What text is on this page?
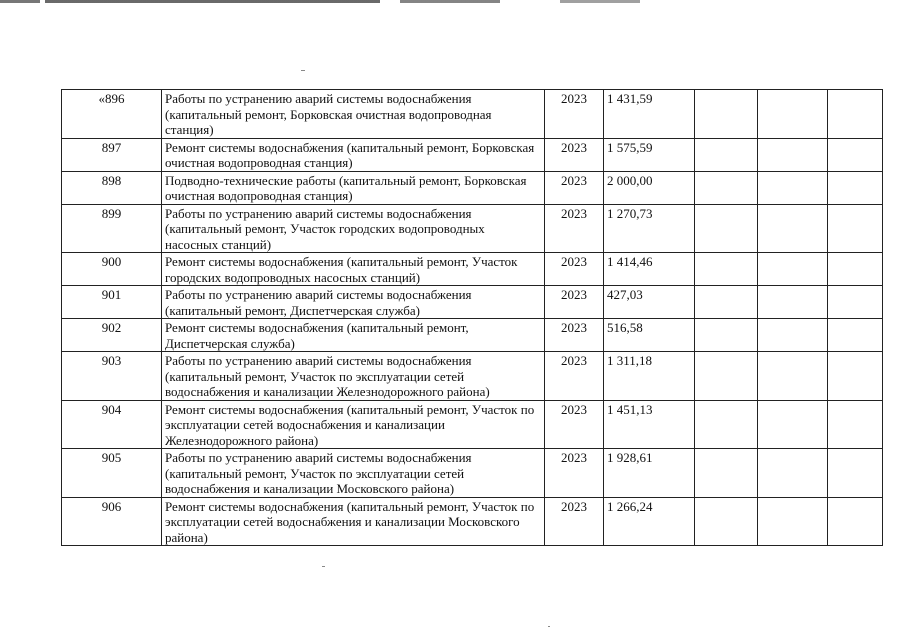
«896	Работы по устранению аварий системы водоснабжения (капитальный ремонт, Борковская очистная водопроводная станция)	2023	1 431,59			
897	Ремонт системы водоснабжения (капитальный ремонт, Борковская очистная водопроводная станция)	2023	1 575,59			
898	Подводно-технические работы (капитальный ремонт, Борковская очистная водопроводная станция)	2023	2 000,00			
899	Работы по устранению аварий системы водоснабжения (капитальный ремонт, Участок городских водопроводных насосных станций)	2023	1 270,73			
900	Ремонт системы водоснабжения (капитальный ремонт, Участок городских водопроводных насосных станций)	2023	1 414,46			
901	Работы по устранению аварий системы водоснабжения (капитальный ремонт, Диспетчерская служба)	2023	427,03			
902	Ремонт системы водоснабжения (капитальный ремонт, Диспетчерская служба)	2023	516,58			
903	Работы по устранению аварий системы водоснабжения (капитальный ремонт, Участок по эксплуатации сетей водоснабжения и канализации Железнодорожного района)	2023	1 311,18			
904	Ремонт системы водоснабжения (капитальный ремонт, Участок по эксплуатации сетей водоснабжения и канализации Железнодорожного района)	2023	1 451,13			
905	Работы по устранению аварий системы водоснабжения (капитальный ремонт, Участок по эксплуатации сетей водоснабжения и канализации Московского района)	2023	1 928,61			
906	Ремонт системы водоснабжения (капитальный ремонт, Участок по эксплуатации сетей водоснабжения и канализации Московского района)	2023	1 266,24			
